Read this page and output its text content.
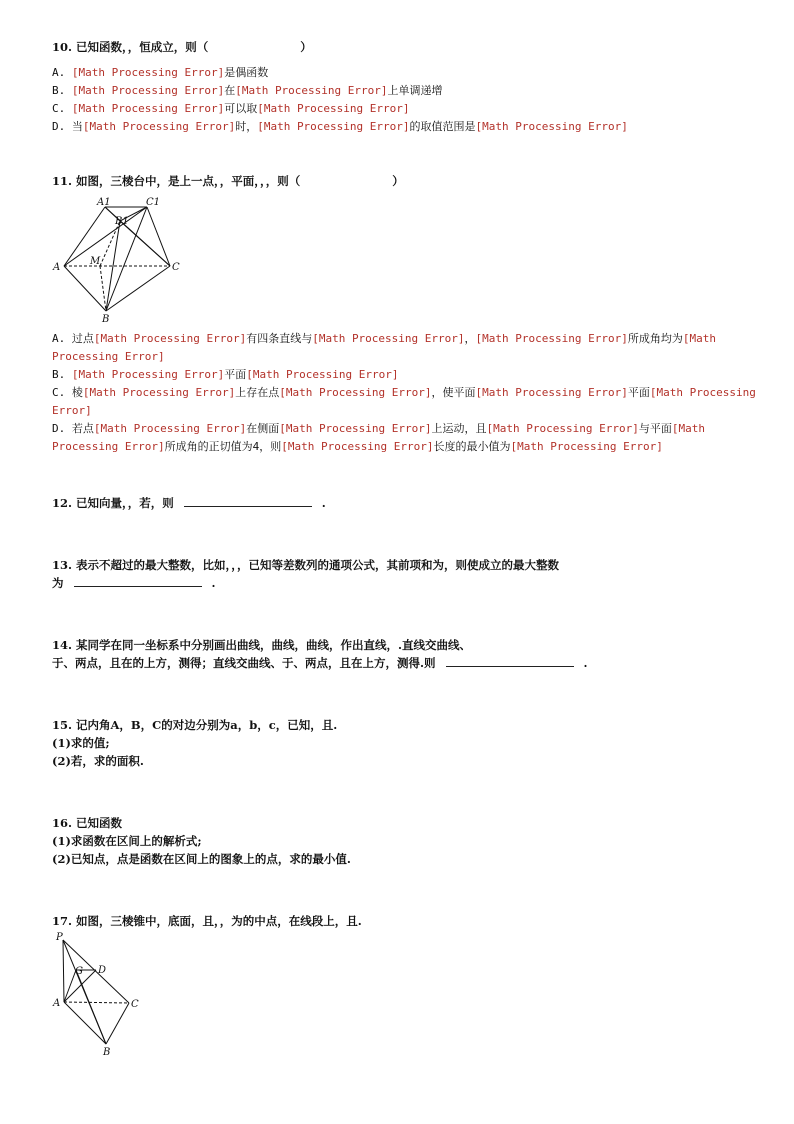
10. 已知函数，，恒成立，则（　　　　　　　　）
A. [Math Processing Error]是偶函数
B. [Math Processing Error]在[Math Processing Error]上单调递增
C. [Math Processing Error]可以取[Math Processing Error]
D. 当[Math Processing Error]时，[Math Processing Error]的取值范围是[Math Processing Error]
11. 如图，三棱台中，是上一点，，平面，，，则（　　　　　　　　）
A1	C1
B1
A
M
C
B
A. 过点[Math Processing Error]有四条直线与[Math Processing Error]，[Math Processing Error]所成角均为[Math
Processing Error]
B. [Math Processing Error]平面[Math Processing Error]
C. 棱[Math Processing Error]上存在点[Math Processing Error]，使平面[Math Processing Error]平面[Math Processing
Error]
D. 若点[Math Processing Error]在侧面[Math Processing Error]上运动，且[Math Processing Error]与平面[Math
Processing Error]所成角的正切值为4，则[Math Processing Error]长度的最小值为[Math Processing Error]
12. 已知向量，，若，则	.
13. 表示不超过的最大整数，比如，，，已知等差数列的通项公式，其前项和为，则使成立的最大整数
为	.
14. 某同学在同一坐标系中分别画出曲线，曲线，曲线，作出直线，.直线交曲线、
于、两点，且在的上方，测得；直线交曲线、于、两点，且在上方，测得.则	.
15. 记内角A，B，C的对边分别为a，b，c，已知，且.
(1)求的值;
(2)若，求的面积.
16. 已知函数
(1)求函数在区间上的解析式;
(2)已知点，点是函数在区间上的图象上的点，求的最小值.
17. 如图，三棱锥中，底面，且，，为的中点，在线段上，且.
P
G D
A	C
B
